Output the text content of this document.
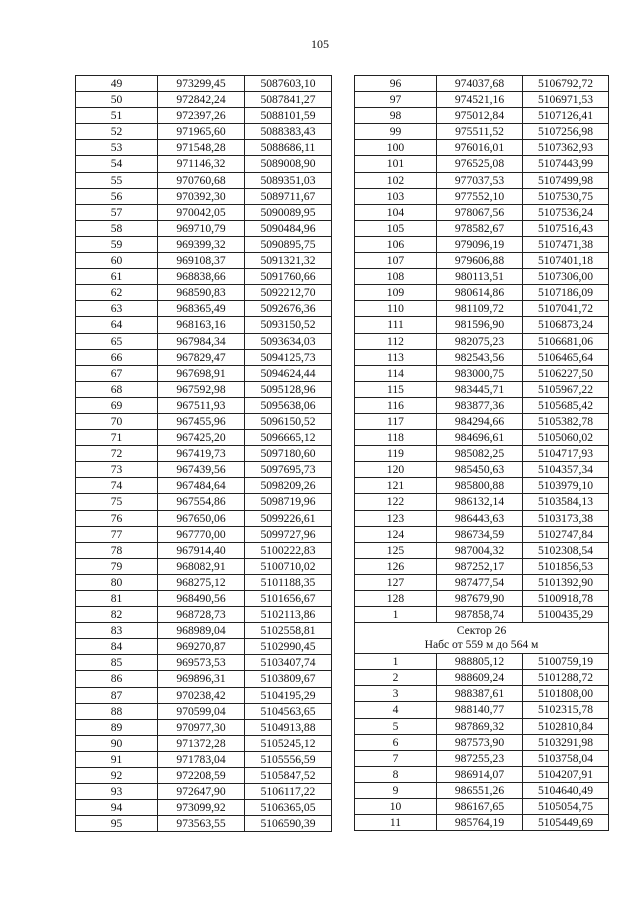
105
49	973299,45	5087603,10
50	972842,24	5087841,27
51	972397,26	5088101,59
52	971965,60	5088383,43
53	971548,28	5088686,11
54	971146,32	5089008,90
55	970760,68	5089351,03
56	970392,30	5089711,67
57	970042,05	5090089,95
58	969710,79	5090484,96
59	969399,32	5090895,75
60	969108,37	5091321,32
61	968838,66	5091760,66
62	968590,83	5092212,70
63	968365,49	5092676,36
64	968163,16	5093150,52
65	967984,34	5093634,03
66	967829,47	5094125,73
67	967698,91	5094624,44
68	967592,98	5095128,96
69	967511,93	5095638,06
70	967455,96	5096150,52
71	967425,20	5096665,12
72	967419,73	5097180,60
73	967439,56	5097695,73
74	967484,64	5098209,26
75	967554,86	5098719,96
76	967650,06	5099226,61
77	967770,00	5099727,96
78	967914,40	5100222,83
79	968082,91	5100710,02
80	968275,12	5101188,35
81	968490,56	5101656,67
82	968728,73	5102113,86
83	968989,04	5102558,81
84	969270,87	5102990,45
85	969573,53	5103407,74
86	969896,31	5103809,67
87	970238,42	5104195,29
88	970599,04	5104563,65
89	970977,30	5104913,88
90	971372,28	5105245,12
91	971783,04	5105556,59
92	972208,59	5105847,52
93	972647,90	5106117,22
94	973099,92	5106365,05
95	973563,55	5106590,39
96	974037,68	5106792,72
97	974521,16	5106971,53
98	975012,84	5107126,41
99	975511,52	5107256,98
100	976016,01	5107362,93
101	976525,08	5107443,99
102	977037,53	5107499,98
103	977552,10	5107530,75
104	978067,56	5107536,24
105	978582,67	5107516,43
106	979096,19	5107471,38
107	979606,88	5107401,18
108	980113,51	5107306,00
109	980614,86	5107186,09
110	981109,72	5107041,72
111	981596,90	5106873,24
112	982075,23	5106681,06
113	982543,56	5106465,64
114	983000,75	5106227,50
115	983445,71	5105967,22
116	983877,36	5105685,42
117	984294,66	5105382,78
118	984696,61	5105060,02
119	985082,25	5104717,93
120	985450,63	5104357,34
121	985800,88	5103979,10
122	986132,14	5103584,13
123	986443,63	5103173,38
124	986734,59	5102747,84
125	987004,32	5102308,54
126	987252,17	5101856,53
127	987477,54	5101392,90
128	987679,90	5100918,78
1	987858,74	5100435,29

Сектор 26
Набс от 559 м до 564 м		

1	988805,12	5100759,19
2	988609,24	5101288,72
3	988387,61	5101808,00
4	988140,77	5102315,78
5	987869,32	5102810,84
6	987573,90	5103291,98
7	987255,23	5103758,04
8	986914,07	5104207,91
9	986551,26	5104640,49
10	986167,65	5105054,75
11	985764,19	5105449,69
